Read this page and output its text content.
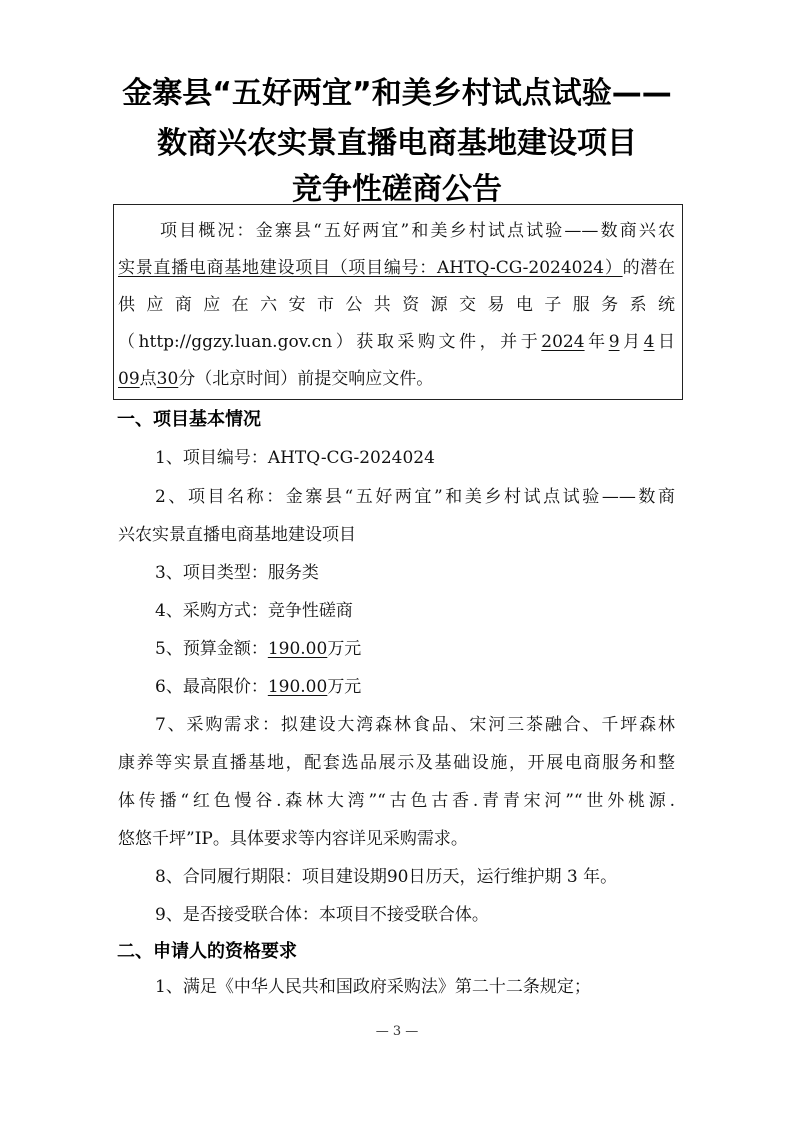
金寨县“五好两宜”和美乡村试点试验——
数商兴农实景直播电商基地建设项目
竞争性磋商公告
项目概况：金寨县“五好两宜”和美乡村试点试验——数商兴农
实景直播电商基地建设项目（项目编号：AHTQ-CG-2024024）的潜在
供应商应在六安市公共资源交易电子服务系统
（http://ggzy.luan.gov.cn）获取采购文件，并于2024年9月4日
09点30分（北京时间）前提交响应文件。
一、项目基本情况
1、项目编号：AHTQ-CG-2024024
2、项目名称：金寨县“五好两宜”和美乡村试点试验——数商
兴农实景直播电商基地建设项目
3、项目类型：服务类
4、采购方式：竞争性磋商
5、预算金额：190.00万元
6、最高限价：190.00万元
7、采购需求：拟建设大湾森林食品、宋河三茶融合、千坪森林
康养等实景直播基地，配套选品展示及基础设施，开展电商服务和整
体传播“红色慢谷.森林大湾”“古色古香.青青宋河”“世外桃源.
悠悠千坪”IP。具体要求等内容详见采购需求。
8、合同履行期限：项目建设期90日历天，运行维护期 3 年。
9、是否接受联合体：本项目不接受联合体。
二、申请人的资格要求
1、满足《中华人民共和国政府采购法》第二十二条规定；
— 3 —
